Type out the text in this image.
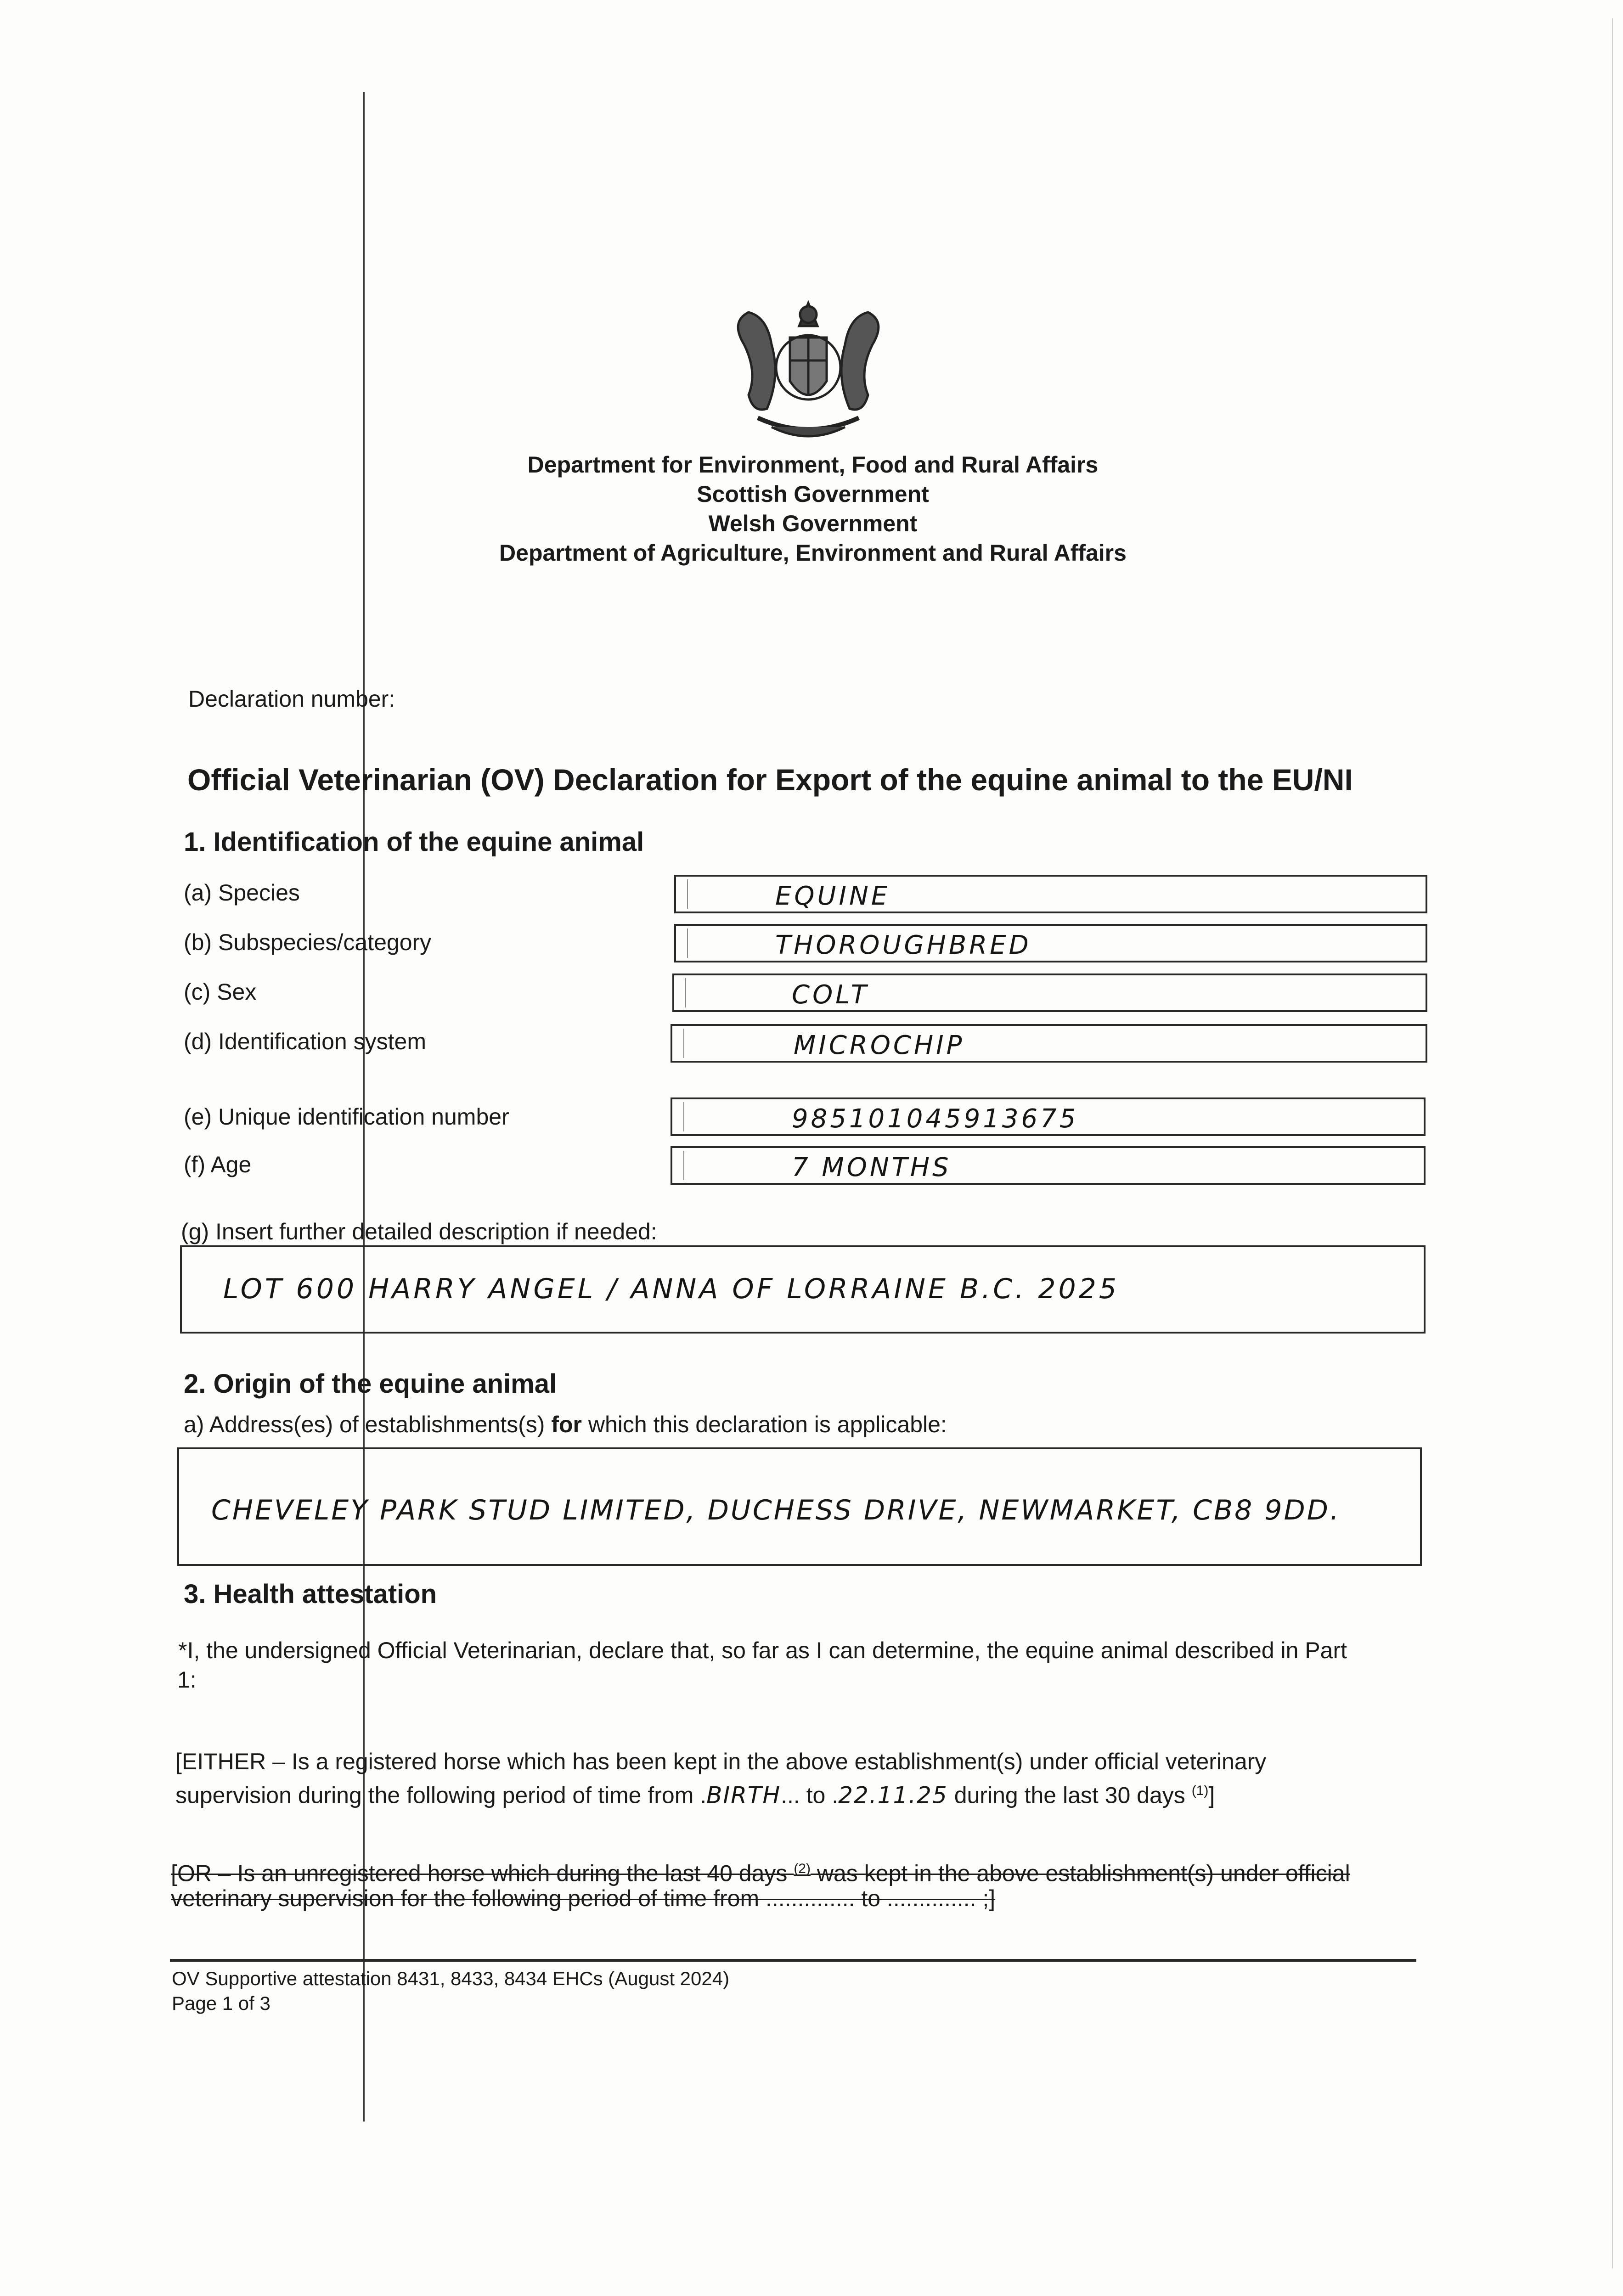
Department for Environment, Food and Rural Affairs
Scottish Government
Welsh Government
Department of Agriculture, Environment and Rural Affairs
Declaration number:
Official Veterinarian (OV) Declaration for Export of the equine animal to the EU/NI
1. Identification of the equine animal
(a) Species	EQUINE
(b) Subspecies/category	THOROUGHBRED
(c) Sex	COLT
(d) Identification system	MICROCHIP
(e) Unique identification number	985101045913675
(f) Age	7 MONTHS
(g) Insert further detailed description if needed:
LOT 600 HARRY ANGEL / ANNA OF LORRAINE B.C. 2025
2. Origin of the equine animal
a) Address(es) of establishments(s) for which this declaration is applicable:
CHEVELEY PARK STUD LIMITED, DUCHESS DRIVE, NEWMARKET, CB8 9DD.
3. Health attestation
*I, the undersigned Official Veterinarian, declare that, so far as I can determine, the equine animal described in Part
1:
[EITHER – Is a registered horse which has been kept in the above establishment(s) under official veterinary
supervision during the following period of time from .BIRTH... to .22.11.25 during the last 30 days $^{(1)}$]
[OR – Is an unregistered horse which during the last 40 days $^{(2)}$ was kept in the above establishment(s) under official
veterinary supervision for the following period of time from .............. to .............. ;]
OV Supportive attestation 8431, 8433, 8434 EHCs (August 2024)
Page 1 of 3
